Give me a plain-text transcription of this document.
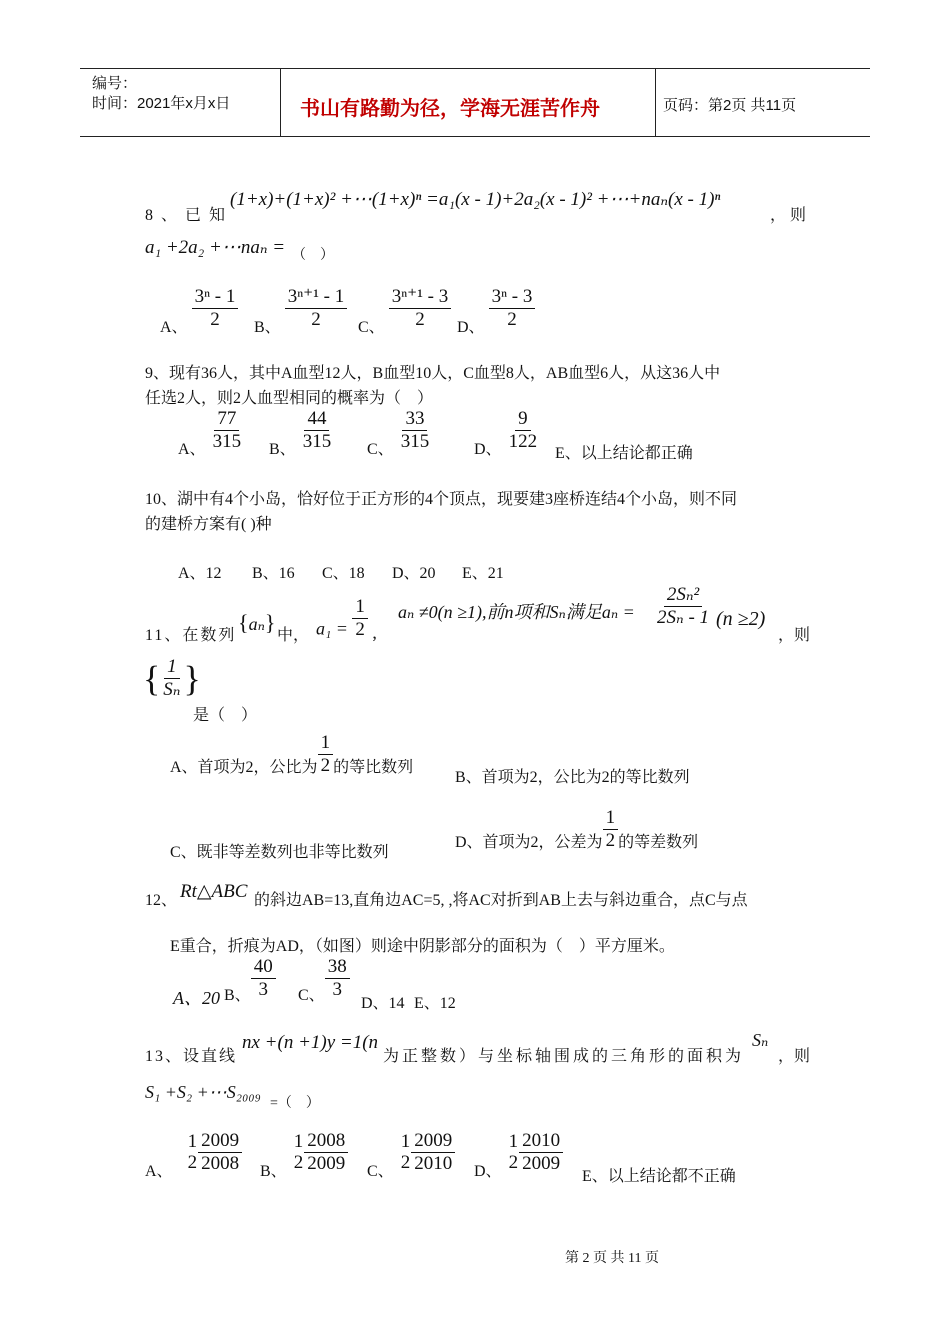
编号：
时间：2021年x月x日	书山有路勤为径，学海无涯苦作舟	页码：第2页 共11页
8 、 已 知
(1+x)+(1+x)² +⋯(1+x)ⁿ =a₁(x - 1)+2a₂(x - 1)² +⋯+naₙ(x - 1)ⁿ
， 则
a₁ +2a₂ +⋯naₙ = （　）
A、 $\frac{\text{3ⁿ - 1}}{2}$ B、 $\frac{\text{3ⁿ⁺¹ - 1}}{2}$ C、 $\frac{\text{3ⁿ⁺¹ - 3}}{2}$ D、 $\frac{\text{3ⁿ - 3}}{2}$
9、现有36人，其中A血型12人，B血型10人，C血型8人，AB血型6人，从这36人中
任选2人，则2人血型相同的概率为（　）
A、 $\frac{77}{315}$ B、 $\frac{44}{315}$ C、 $\frac{33}{315}$	D、 $\frac{9}{122}$
E、以上结论都正确
10、湖中有4个小岛，恰好位于正方形的4个顶点，现要建3座桥连结4个小岛，则不同
的建桥方案有( )种
A、12 B、16 C、18 D、20 E、21
11、在数列
{aₙ}
中， $a_1 = \frac{1}{2}$ ,
aₙ ≠0(n ≥1),前n项和Sₙ满足$a_n = \frac{\text{2Sₙ²}}{\text{2Sₙ - 1}} (n \ge 2)$
，则
{ $\frac{1}{\text{Sₙ}}$ }
是（　）
A、首项为2，公比为 $\frac{1}{2}$ 的等比数列
B、首项为2，公比为2的等比数列
C、既非等差数列也非等比数列
D、首项为2，公差为 $\frac{1}{2}$ 的等差数列
12、 Rt△ABC 的斜边AB=13,直角边AC=5, ,将AC对折到AB上去与斜边重合，点C与点
E重合，折痕为AD，（如图）则途中阴影部分的面积为（　）平方厘米。
A、20 B、 $\frac{40}{3}$ C、 $\frac{38}{3}$
D、14 E、12
13、设直线
nx +(n +1)y =1(n
为正整数）与坐标轴围成的三角形的面积为
Sₙ
，则
S₁ +S₂ +⋯S₂₀₀₉
=（　）
A、
1
$2 \frac{2009}{2008}$ B、
1
$2 \frac{2008}{2009}$ C、
1
$2 \frac{2009}{2010}$ D、
1
$2 \frac{2010}{2009}$
E、以上结论都不正确
第 2 页 共 11 页
